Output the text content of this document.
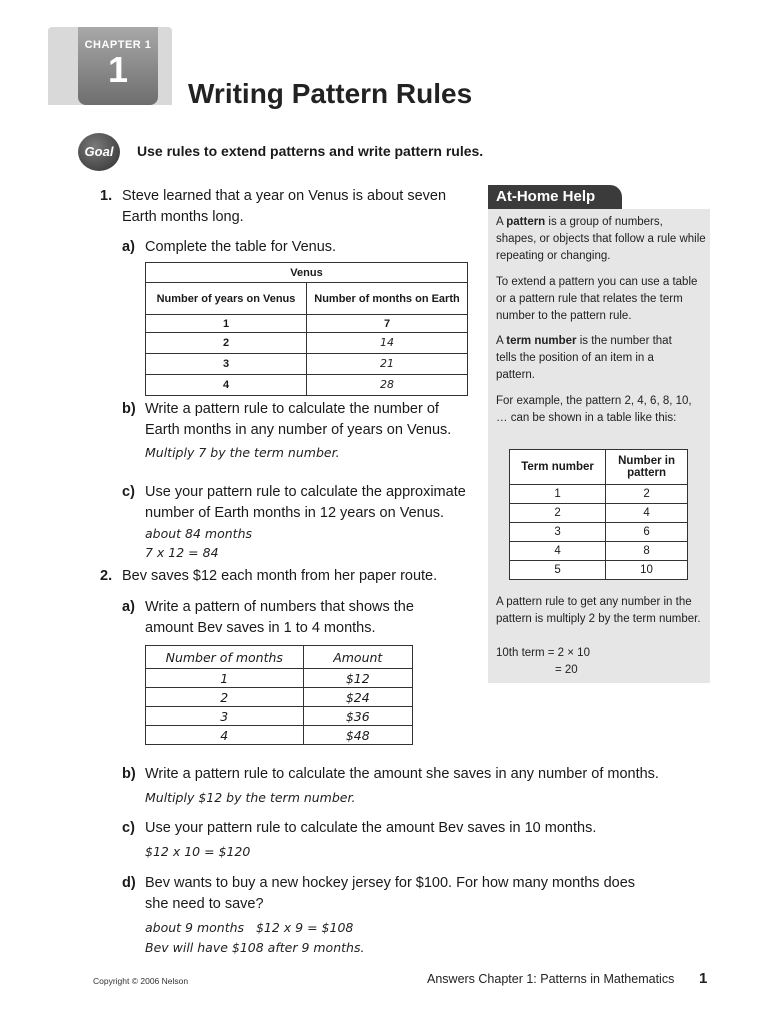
CHAPTER 1
1
Writing Pattern Rules
Goal	Use rules to extend patterns and write pattern rules.
1. Steve learned that a year on Venus is about seven Earth months long.
a) Complete the table for Venus.
Venus	
Number of years on Venus	Number of months on Earth
1	7
2	14
3	21
4	28
b) Write a pattern rule to calculate the number of Earth months in any number of years on Venus.
Multiply 7 by the term number.
c) Use your pattern rule to calculate the approximate number of Earth months in 12 years on Venus.
about 84 months
7 x 12 = 84
2. Bev saves $12 each month from her paper route.
a) Write a pattern of numbers that shows the amount Bev saves in 1 to 4 months.
Number of months	Amount
1	$12
2	$24
3	$36
4	$48
b) Write a pattern rule to calculate the amount she saves in any number of months.
Multiply $12 by the term number.
c) Use your pattern rule to calculate the amount Bev saves in 10 months.
$12 x 10 = $120
d) Bev wants to buy a new hockey jersey for $100. For how many months does she need to save?
about 9 months   $12 x 9 = $108
Bev will have $108 after 9 months.
At-Home Help
A pattern is a group of numbers, shapes, or objects that follow a rule while repeating or changing.
To extend a pattern you can use a table or a pattern rule that relates the term number to the pattern rule.
A term number is the number that tells the position of an item in a pattern.
For example, the pattern 2, 4, 6, 8, 10, … can be shown in a table like this:
Term number	Number in pattern
1	2
2	4
3	6
4	8
5	10
A pattern rule to get any number in the pattern is multiply 2 by the term number.
10th term = 2 × 10
= 20
Copyright © 2006 Nelson	Answers Chapter 1: Patterns in Mathematics 1
